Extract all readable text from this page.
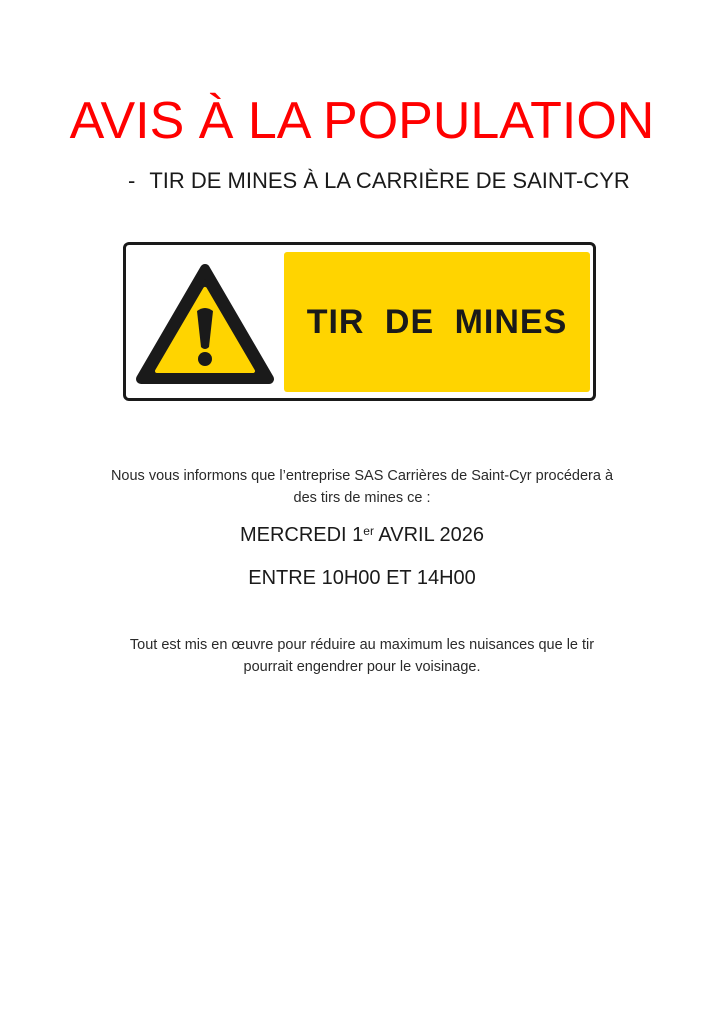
AVIS À LA POPULATION
- TIR DE MINES À LA CARRIÈRE DE SAINT-CYR
TIR DE MINES
Nous vous informons que l’entreprise SAS Carrières de Saint-Cyr procédera à
des tirs de mines ce :
MERCREDI 1er AVRIL 2026
ENTRE 10H00 ET 14H00
Tout est mis en œuvre pour réduire au maximum les nuisances que le tir
pourrait engendrer pour le voisinage.
